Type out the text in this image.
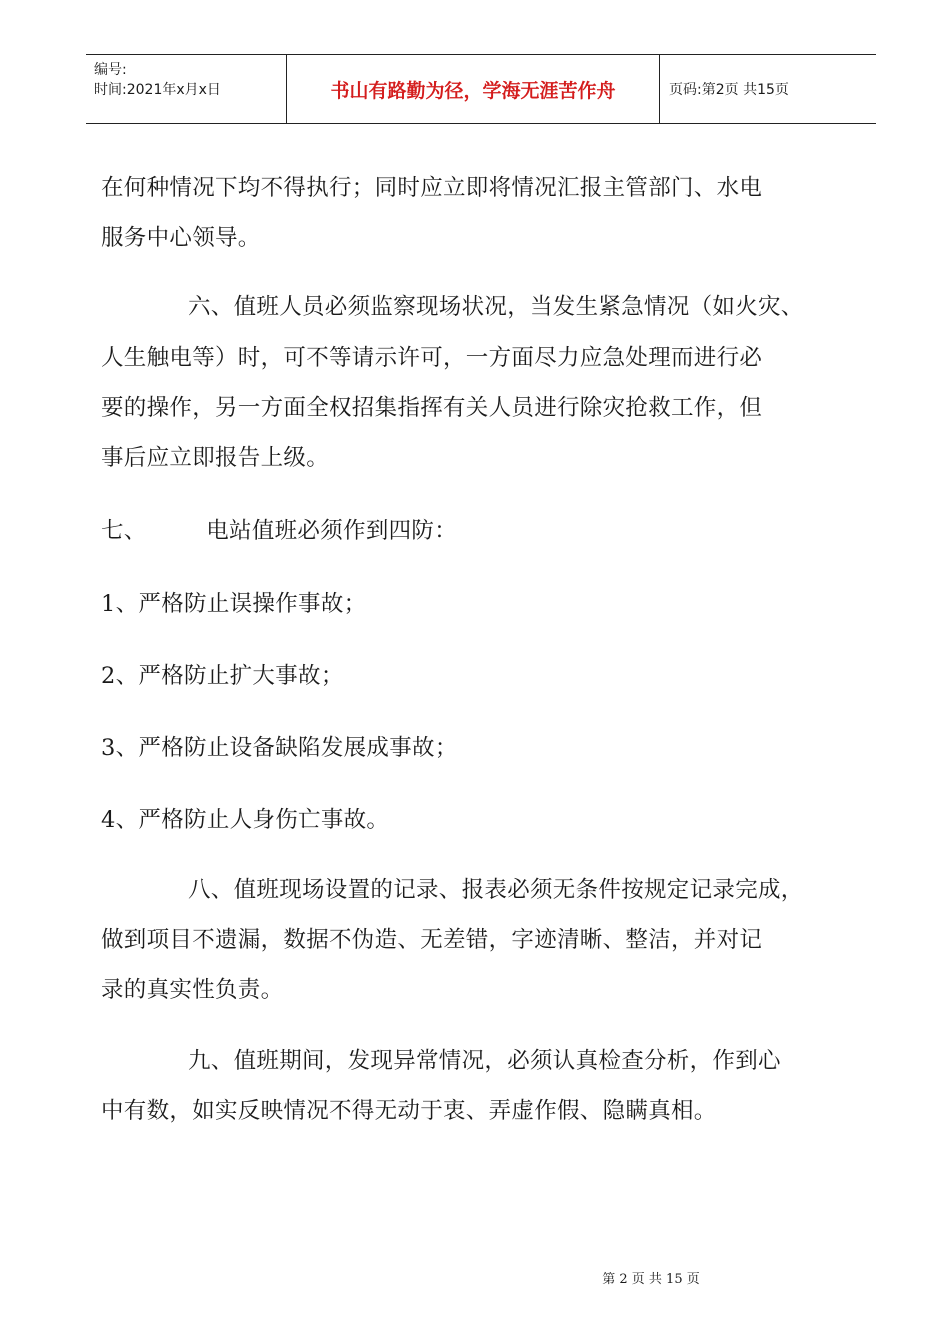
编号:
时间:2021年x月x日	书山有路勤为径，学海无涯苦作舟	页码:第2页 共15页
在何种情况下均不得执行；同时应立即将情况汇报主管部门、水电
服务中心领导。
六、值班人员必须监察现场状况，当发生紧急情况（如火灾、
人生触电等）时，可不等请示许可，一方面尽力应急处理而进行必
要的操作，另一方面全权招集指挥有关人员进行除灾抢救工作，但
事后应立即报告上级。
七、        电站值班必须作到四防：
1、严格防止误操作事故；
2、严格防止扩大事故；
3、严格防止设备缺陷发展成事故；
4、严格防止人身伤亡事故。
八、值班现场设置的记录、报表必须无条件按规定记录完成，
做到项目不遗漏，数据不伪造、无差错，字迹清晰、整洁，并对记
录的真实性负责。
九、值班期间，发现异常情况，必须认真检查分析，作到心
中有数，如实反映情况不得无动于衷、弄虚作假、隐瞒真相。
第 2 页 共 15 页
